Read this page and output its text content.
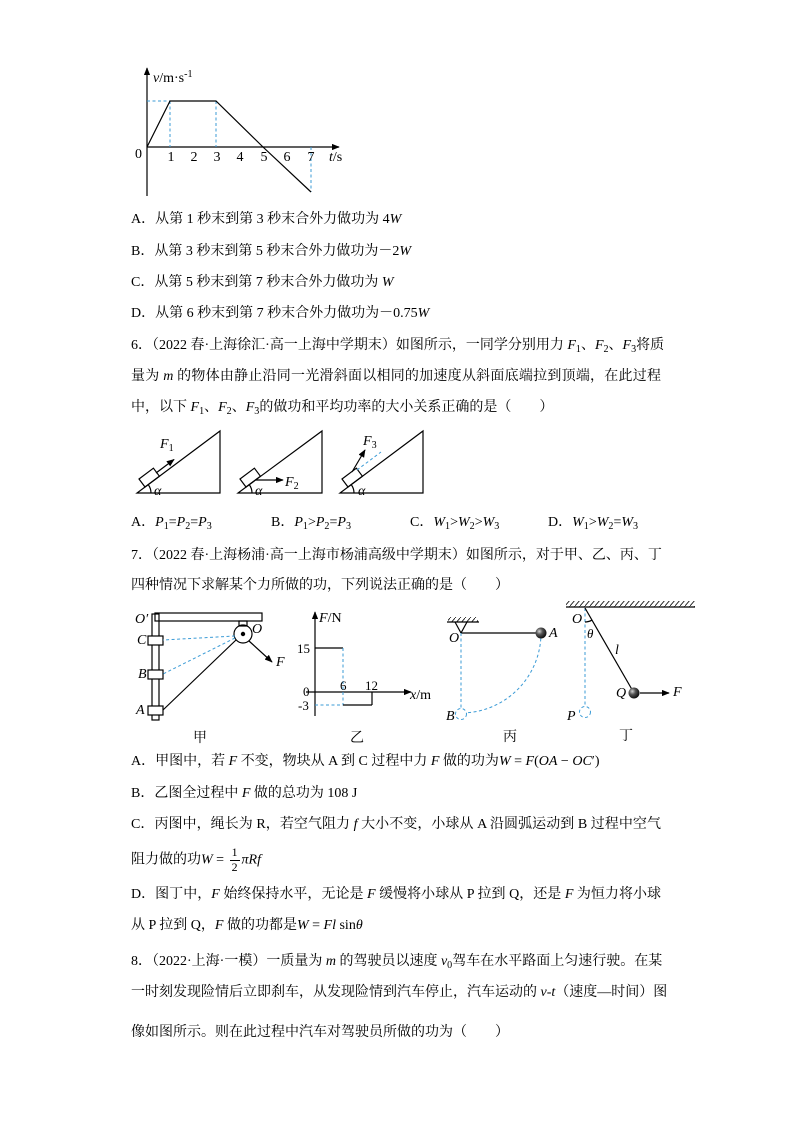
$v/m\cdot s^{-1}$
0 1 2 3 4 5 6 7 t/s
A．从第 1 秒末到第 3 秒末合外力做功为 4W
B．从第 3 秒末到第 5 秒末合外力做功为－2W
C．从第 5 秒末到第 7 秒末合外力做功为 W
D．从第 6 秒末到第 7 秒末合外力做功为－0.75W
6．（2022 春·上海徐汇·高一上海中学期末）如图所示，一同学分别用力 $F_1$、$F_2$、$F_3$将质
量为 m 的物体由静止沿同一光滑斜面以相同的加速度从斜面底端拉到顶端，在此过程
中，以下 $F_1$、$F_2$、$F_3$的做功和平均功率的大小关系正确的是（　　）
$F_1$
$F_2$
$F_3$
α	α	α
A．$P_1=P_2=P_3$	B．$P_1>P_2=P_3$	C．$W_1>W_2>W_3$	D．$W_1>W_2=W_3$
7．（2022 春·上海杨浦·高一上海市杨浦高级中学期末）如图所示，对于甲、乙、丙、丁
四种情况下求解某个力所做的功，下列说法正确的是（　　）
O′
C
B
A
O
F
甲
F/N
15
0
-3
6 12
x/m
乙
O	A
B
丙
O
θ
l
Q
P
F
丁
A．甲图中，若 F 不变，物块从 A 到 C 过程中力 F 做的功为W = F(OA − OC′)
B．乙图全过程中 F 做的总功为 108 J
C．丙图中，绳长为 R，若空气阻力 f 大小不变，小球从 A 沿圆弧运动到 B 过程中空气
阻力做的功$W = \frac{1}{2}$ πRf
D．图丁中，F 始终保持水平，无论是 F 缓慢将小球从 P 拉到 Q，还是 F 为恒力将小球
从 P 拉到 Q，F 做的功都是W = Fl sinθ
8．（2022·上海·一模）一质量为 m 的驾驶员以速度 $v_0$驾车在水平路面上匀速行驶。在某
一时刻发现险情后立即刹车，从发现险情到汽车停止，汽车运动的 v-t（速度—时间）图
像如图所示。则在此过程中汽车对驾驶员所做的功为（　　）
